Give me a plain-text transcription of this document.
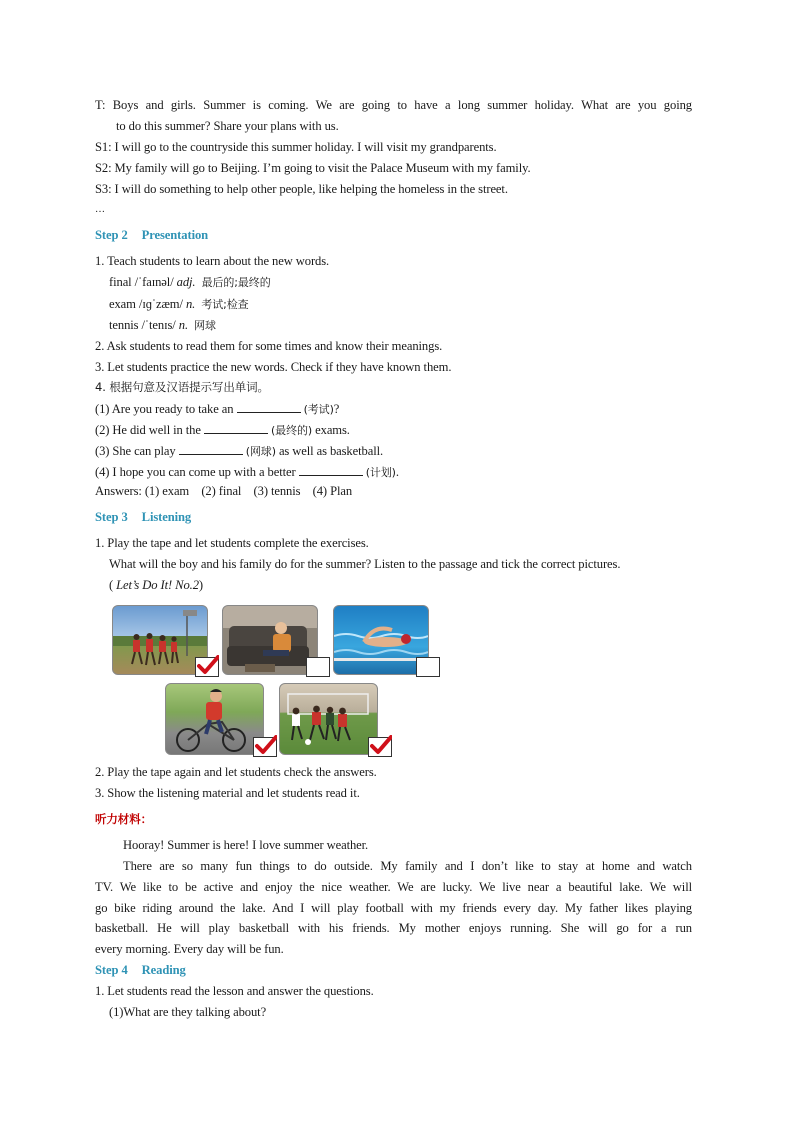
T: Boys and girls. Summer is coming. We are going to have a long summer holiday. What are you going
to do this summer? Share your plans with us.
S1: I will go to the countryside this summer holiday. I will visit my grandparents.
S2: My family will go to Beijing. I’m going to visit the Palace Museum with my family.
S3: I will do something to help other people, like helping the homeless in the street.
…
Step 2 Presentation
1. Teach students to learn about the new words.
final /ˈfaɪnəl/ adj. 最后的;最终的
exam /ɪɡˈzæm/ n. 考试;检查
tennis /ˈtenɪs/ n. 网球
2. Ask students to read them for some times and know their meanings.
3. Let students practice the new words. Check if they have known them.
4. 根据句意及汉语提示写出单词。
(1) Are you ready to take an	(考试)?
(2) He did well in the	(最终的) exams.
(3) She can play	(网球) as well as basketball.
(4) I hope you can come up with a better	(计划).
Answers: (1) exam    (2) final    (3) tennis    (4) Plan
Step 3 Listening
1. Play the tape and let students complete the exercises.
What will the boy and his family do for the summer? Listen to the passage and tick the correct pictures.
( Let’s Do It! No.2)
2. Play the tape again and let students check the answers.
3. Show the listening material and let students read it.
听力材料：
Hooray! Summer is here! I love summer weather.
There are so many fun things to do outside. My family and I don’t like to stay at home and watch
TV. We like to be active and enjoy the nice weather. We are lucky. We live near a beautiful lake. We will
go bike riding around the lake. And I will play football with my friends every day. My father likes playing
basketball. He will play basketball with his friends. My mother enjoys running. She will go for a run
every morning. Every day will be fun.
Step 4 Reading
1. Let students read the lesson and answer the questions.
(1)What are they talking about?
